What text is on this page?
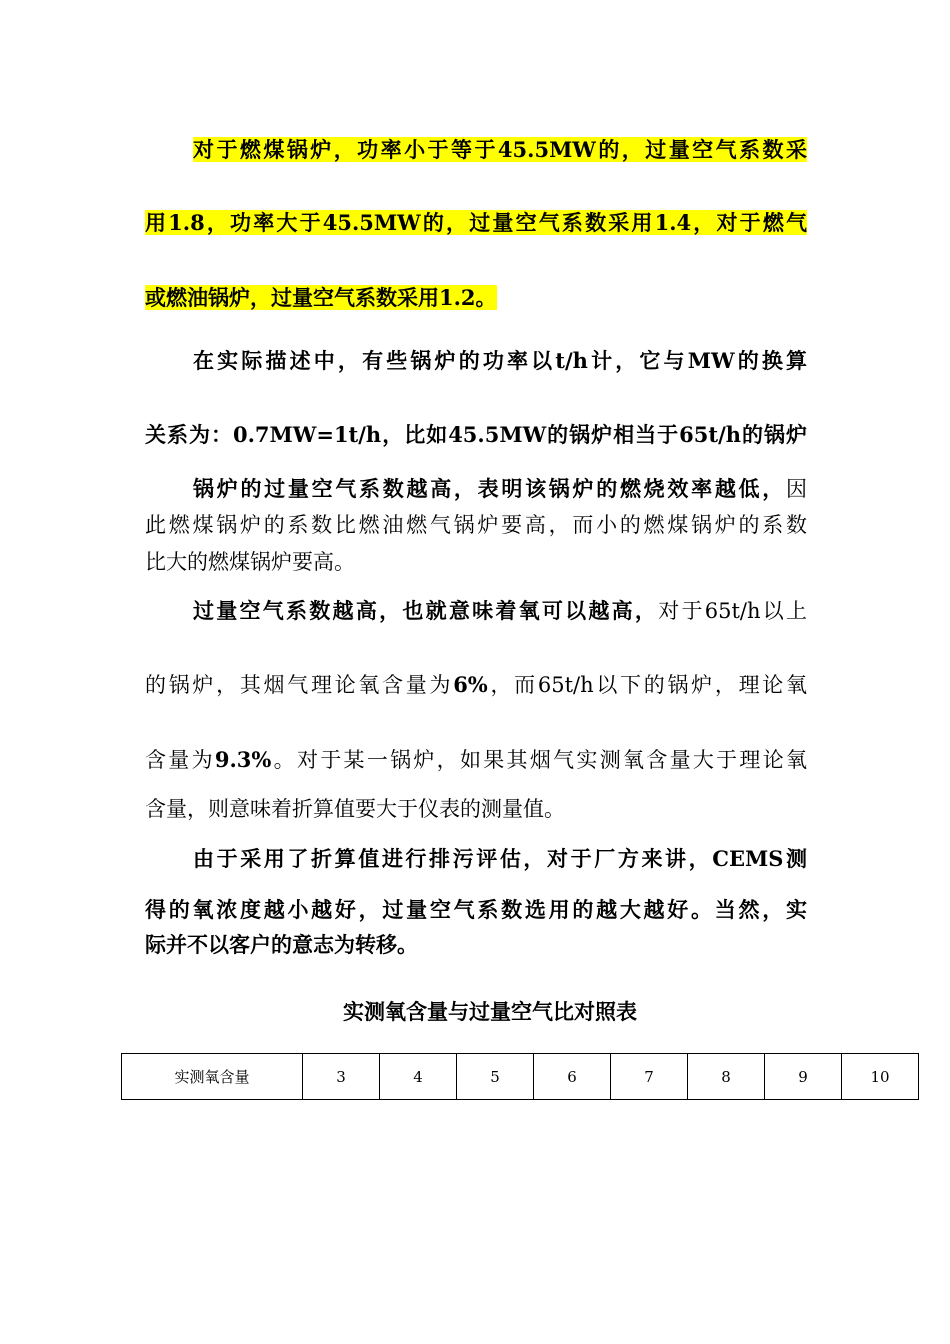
对于燃煤锅炉，功率小于等于45.5MW的，过量空气系数采
用1.8，功率大于45.5MW的，过量空气系数采用1.4，对于燃气
或燃油锅炉，过量空气系数采用1.2。
在实际描述中，有些锅炉的功率以t/h计，它与MW的换算
关系为：0.7MW=1t/h，比如45.5MW的锅炉相当于65t/h的锅炉
锅炉的过量空气系数越高，表明该锅炉的燃烧效率越低，因
此燃煤锅炉的系数比燃油燃气锅炉要高，而小的燃煤锅炉的系数
比大的燃煤锅炉要高。
过量空气系数越高，也就意味着氧可以越高，对于65t/h以上
的锅炉，其烟气理论氧含量为6%，而65t/h以下的锅炉，理论氧
含量为9.3%。对于某一锅炉，如果其烟气实测氧含量大于理论氧
含量，则意味着折算值要大于仪表的测量值。
由于采用了折算值进行排污评估，对于厂方来讲，CEMS测
得的氧浓度越小越好，过量空气系数选用的越大越好。当然，实
际并不以客户的意志为转移。
实测氧含量与过量空气比对照表
实测氧含量	3	4	5	6	7	8	9	10
